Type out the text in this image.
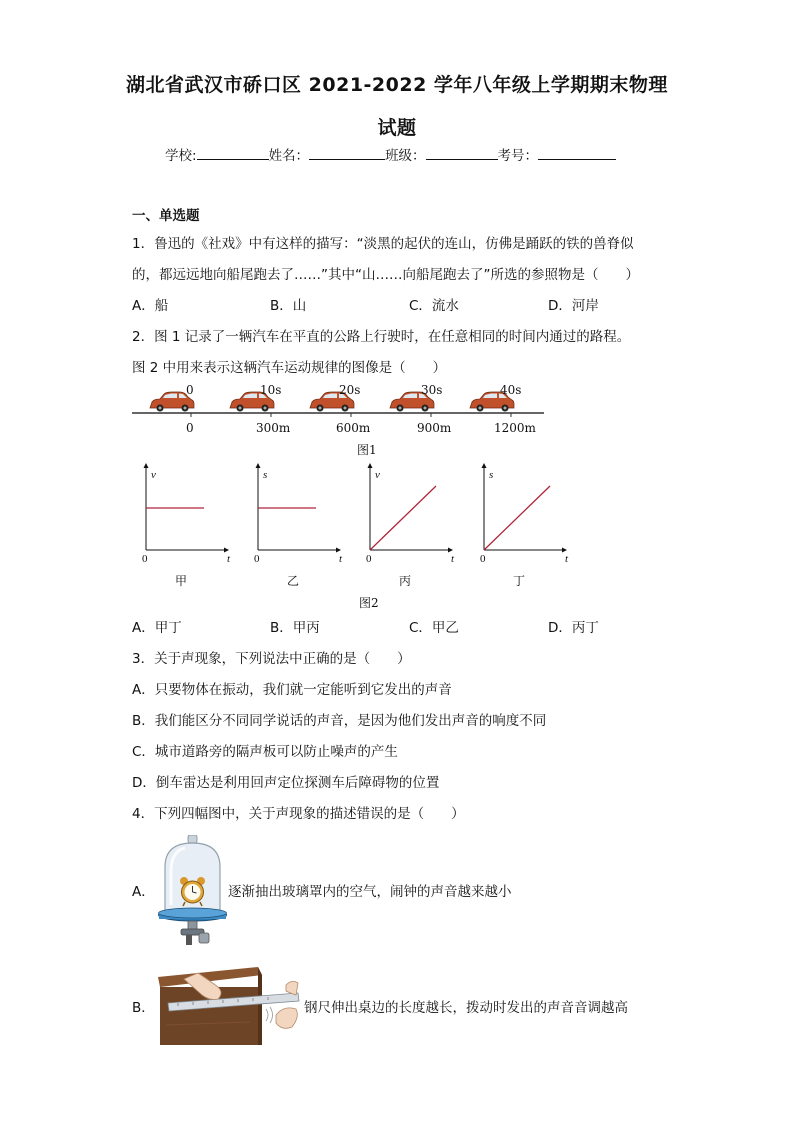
湖北省武汉市硚口区 2021-2022 学年八年级上学期期末物理
试题
学校:	姓名：	班级：	考号：
一、单选题
1．鲁迅的《社戏》中有这样的描写：“淡黑的起伏的连山，仿佛是踊跃的铁的兽脊似
的，都远远地向船尾跑去了……”其中“山……向船尾跑去了”所选的参照物是（　　）
A．船	B．山	C．流水	D．河岸
2．图 1 记录了一辆汽车在平直的公路上行驶时，在任意相同的时间内通过的路程。
图 2 中用来表示这辆汽车运动规律的图像是（　　）
0	10s	20s	30s	40s
0	300m	600m	900m	1200m
图1
v
t
0
甲
s
t
0
乙
v
t
0
丙
s
t
0
丁
图2
A．甲丁	B．甲丙	C．甲乙	D．丙丁
3．关于声现象，下列说法中正确的是（　　）
A．只要物体在振动，我们就一定能听到它发出的声音
B．我们能区分不同同学说话的声音，是因为他们发出声音的响度不同
C．城市道路旁的隔声板可以防止噪声的产生
D．倒车雷达是利用回声定位探测车后障碍物的位置
4．下列四幅图中，关于声现象的描述错误的是（　　）
A．	逐渐抽出玻璃罩内的空气，闹钟的声音越来越小
B．	钢尺伸出桌边的长度越长，拨动时发出的声音音调越高
